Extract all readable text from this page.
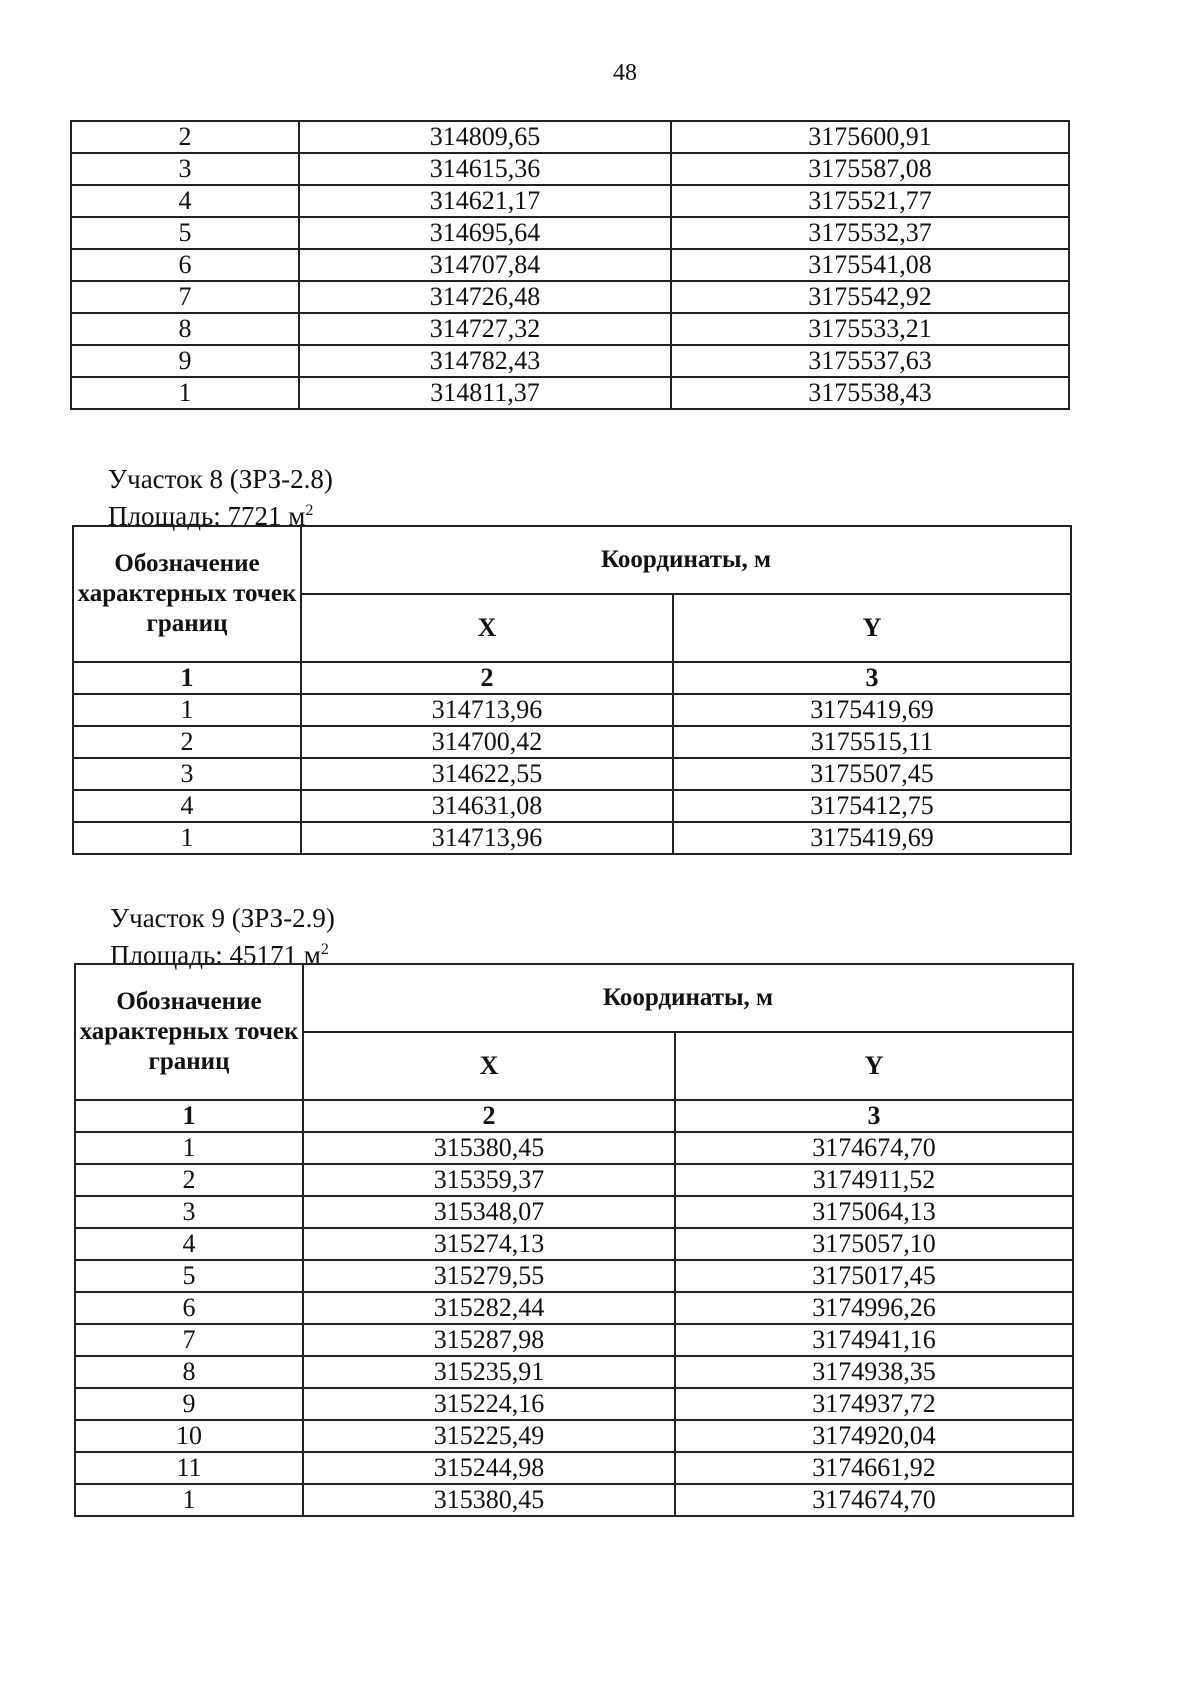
48
2	314809,65	3175600,91
3	314615,36	3175587,08
4	314621,17	3175521,77
5	314695,64	3175532,37
6	314707,84	3175541,08
7	314726,48	3175542,92
8	314727,32	3175533,21
9	314782,43	3175537,63
1	314811,37	3175538,43
Участок 8 (ЗРЗ-2.8)
Площадь: 7721 $м^2$
Обозначение характерных точек границ	Координаты, м	
	X	Y
1	2	3
1	314713,96	3175419,69
2	314700,42	3175515,11
3	314622,55	3175507,45
4	314631,08	3175412,75
1	314713,96	3175419,69
Участок 9 (ЗРЗ-2.9)
Площадь: 45171 $м^2$
Обозначение характерных точек границ	Координаты, м	
	X	Y
1	2	3
1	315380,45	3174674,70
2	315359,37	3174911,52
3	315348,07	3175064,13
4	315274,13	3175057,10
5	315279,55	3175017,45
6	315282,44	3174996,26
7	315287,98	3174941,16
8	315235,91	3174938,35
9	315224,16	3174937,72
10	315225,49	3174920,04
11	315244,98	3174661,92
1	315380,45	3174674,70
